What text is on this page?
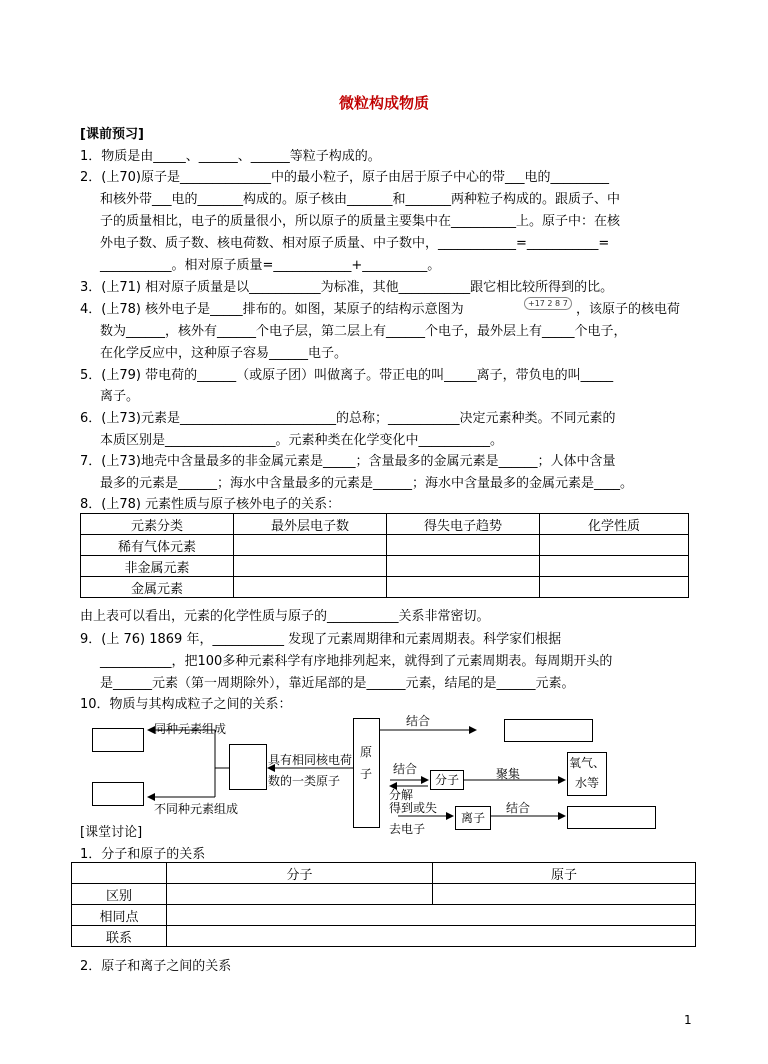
微粒构成物质
[课前预习]
1．物质是由_____、______、______等粒子构成的。
2．(上70)原子是______________中的最小粒子，原子由居于原子中心的带___电的_________
和核外带___电的_______构成的。原子核由_______和_______两种粒子构成的。跟质子、中
子的质量相比，电子的质量很小，所以原子的质量主要集中在__________上。原子中：在核
外电子数、质子数、核电荷数、相对原子质量、中子数中，____________=___________=
___________。相对原子质量=____________+__________。
3．(上71) 相对原子质量是以___________为标准，其他___________跟它相比较所得到的比。
4．(上78) 核外电子是_____排布的。如图，某原子的结构示意图为	+17 2 8 7 ，该原子的核电荷
数为______，核外有______个电子层，第二层上有______个电子，最外层上有_____个电子，
在化学反应中，这种原子容易______电子。
5．(上79) 带电荷的______（或原子团）叫做离子。带正电的叫_____离子，带负电的叫_____
离子。
6．(上73)元素是________________________的总称；___________决定元素种类。不同元素的
本质区别是_________________。元素种类在化学变化中___________。
7．(上73)地壳中含量最多的非金属元素是_____；含量最多的金属元素是______；人体中含量
最多的元素是______；海水中含量最多的元素是______；海水中含量最多的金属元素是____。
8．(上78) 元素性质与原子核外电子的关系：
元素分类	最外层电子数	得失电子趋势	化学性质
稀有气体元素			
非金属元素			
金属元素			
由上表可以看出，元素的化学性质与原子的___________关系非常密切。
9．(上 76) 1869 年，___________ 发现了元素周期律和元素周期表。科学家们根据
___________，把100多种元素科学有序地排列起来，就得到了元素周期表。每周期开头的
是______元素（第一周期除外），靠近尾部的是______元素，结尾的是______元素。
10．物质与其构成粒子之间的关系：
同种元素组成
不同种元素组成
具有相同核电荷
数的一类原子
原子
结合
结合
分解
分子	聚集
氧气、水等
得到或失
去电子
离子
结合
[课堂讨论]
1．分子和原子的关系
	分子	原子
区别		
相同点		
联系		
2．原子和离子之间的关系
1
